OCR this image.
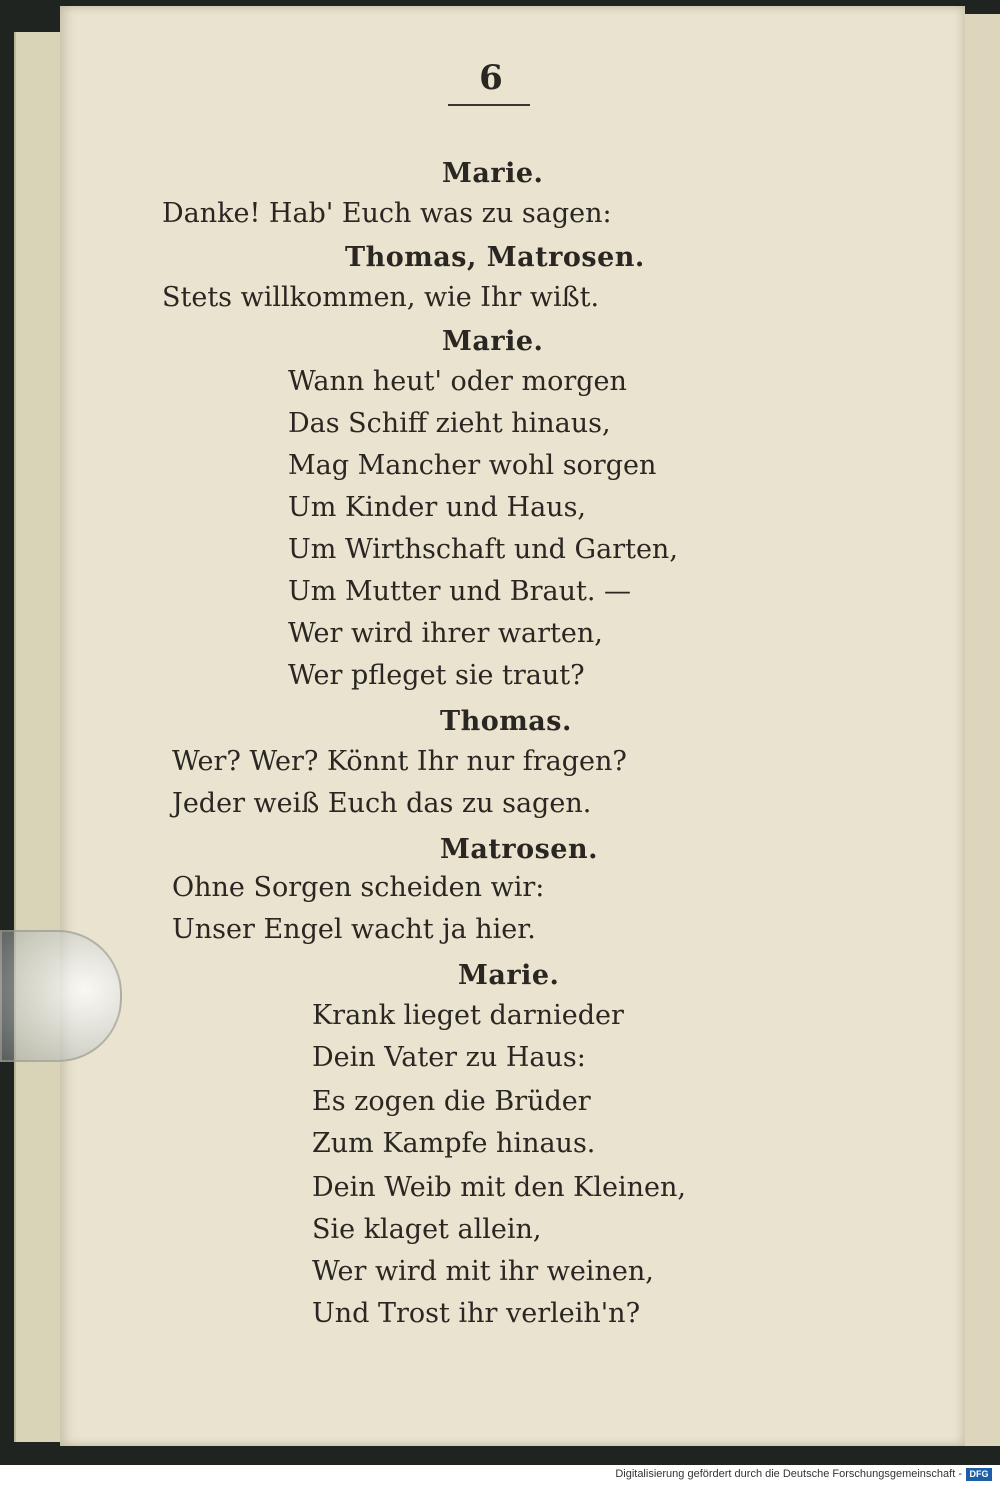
6
Marie.
Danke! Hab' Euch was zu sagen:
Thomas, Matrosen.
Stets willkommen, wie Ihr wißt.
Marie.
Wann heut' oder morgen
Das Schiff zieht hinaus,
Mag Mancher wohl sorgen
Um Kinder und Haus,
Um Wirthschaft und Garten,
Um Mutter und Braut. —
Wer wird ihrer warten,
Wer pfleget sie traut?
Thomas.
Wer? Wer? Könnt Ihr nur fragen?
Jeder weiß Euch das zu sagen.
Matrosen.
Ohne Sorgen scheiden wir:
Unser Engel wacht ja hier.
Marie.
Krank lieget darnieder
Dein Vater zu Haus:
Es zogen die Brüder
Zum Kampfe hinaus.
Dein Weib mit den Kleinen,
Sie klaget allein,
Wer wird mit ihr weinen,
Und Trost ihr verleih'n?
Digitalisierung gefördert durch die Deutsche Forschungsgemeinschaft - DFG
